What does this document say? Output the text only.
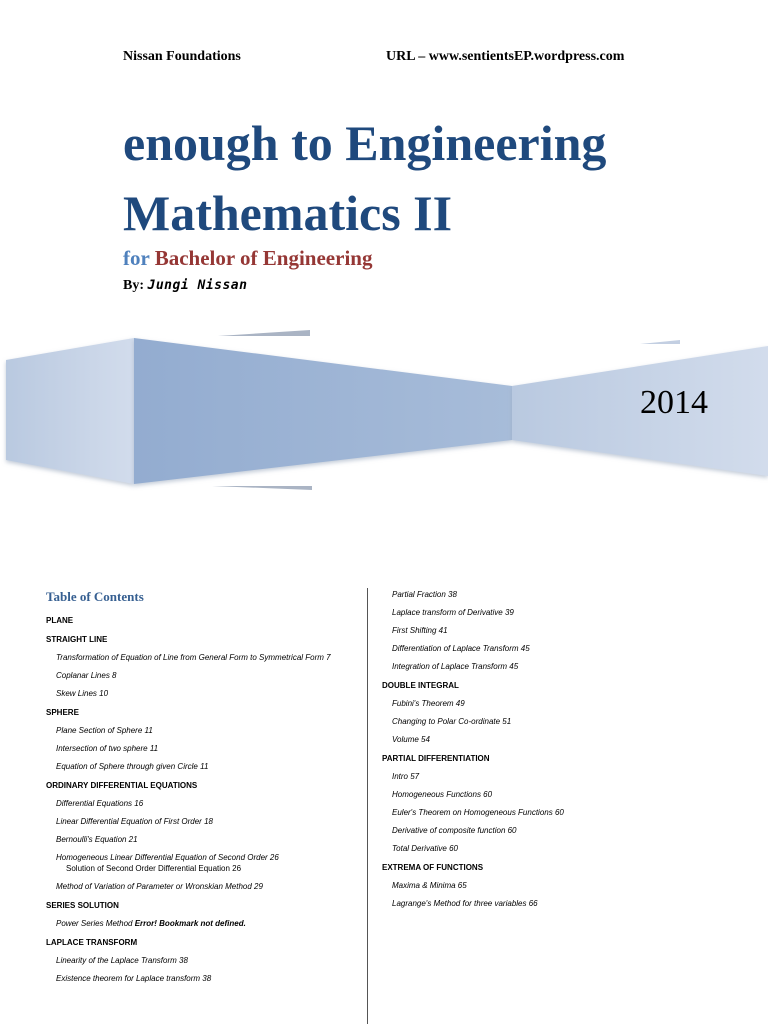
Nissan Foundations	URL – www.sentientsEP.wordpress.com
enough to Engineering
Mathematics II
for Bachelor of Engineering
By: Jungi Nissan
2014
Table of Contents
PLANE
STRAIGHT LINE
Transformation of Equation of Line from General Form to Symmetrical Form 7
Coplanar Lines 8
Skew Lines 10
SPHERE
Plane Section of Sphere 11
Intersection of two sphere 11
Equation of Sphere through given Circle 11
ORDINARY DIFFERENTIAL EQUATIONS
Differential Equations 16
Linear Differential Equation of First Order 18
Bernoulli's Equation 21
Homogeneous Linear Differential Equation of Second Order 26
Solution of Second Order Differential Equation 26
Method of Variation of Parameter or Wronskian Method 29
SERIES SOLUTION
Power Series Method Error! Bookmark not defined.
LAPLACE TRANSFORM
Linearity of the Laplace Transform 38
Existence theorem for Laplace transform 38
Partial Fraction 38
Laplace transform of Derivative 39
First Shifting 41
Differentiation of Laplace Transform 45
Integration of Laplace Transform 45
DOUBLE INTEGRAL
Fubini's Theorem 49
Changing to Polar Co-ordinate 51
Volume 54
PARTIAL DIFFERENTIATION
Intro 57
Homogeneous Functions 60
Euler's Theorem on Homogeneous Functions 60
Derivative of composite function 60
Total Derivative 60
EXTREMA OF FUNCTIONS
Maxima & Minima 65
Lagrange's Method for three variables 66
